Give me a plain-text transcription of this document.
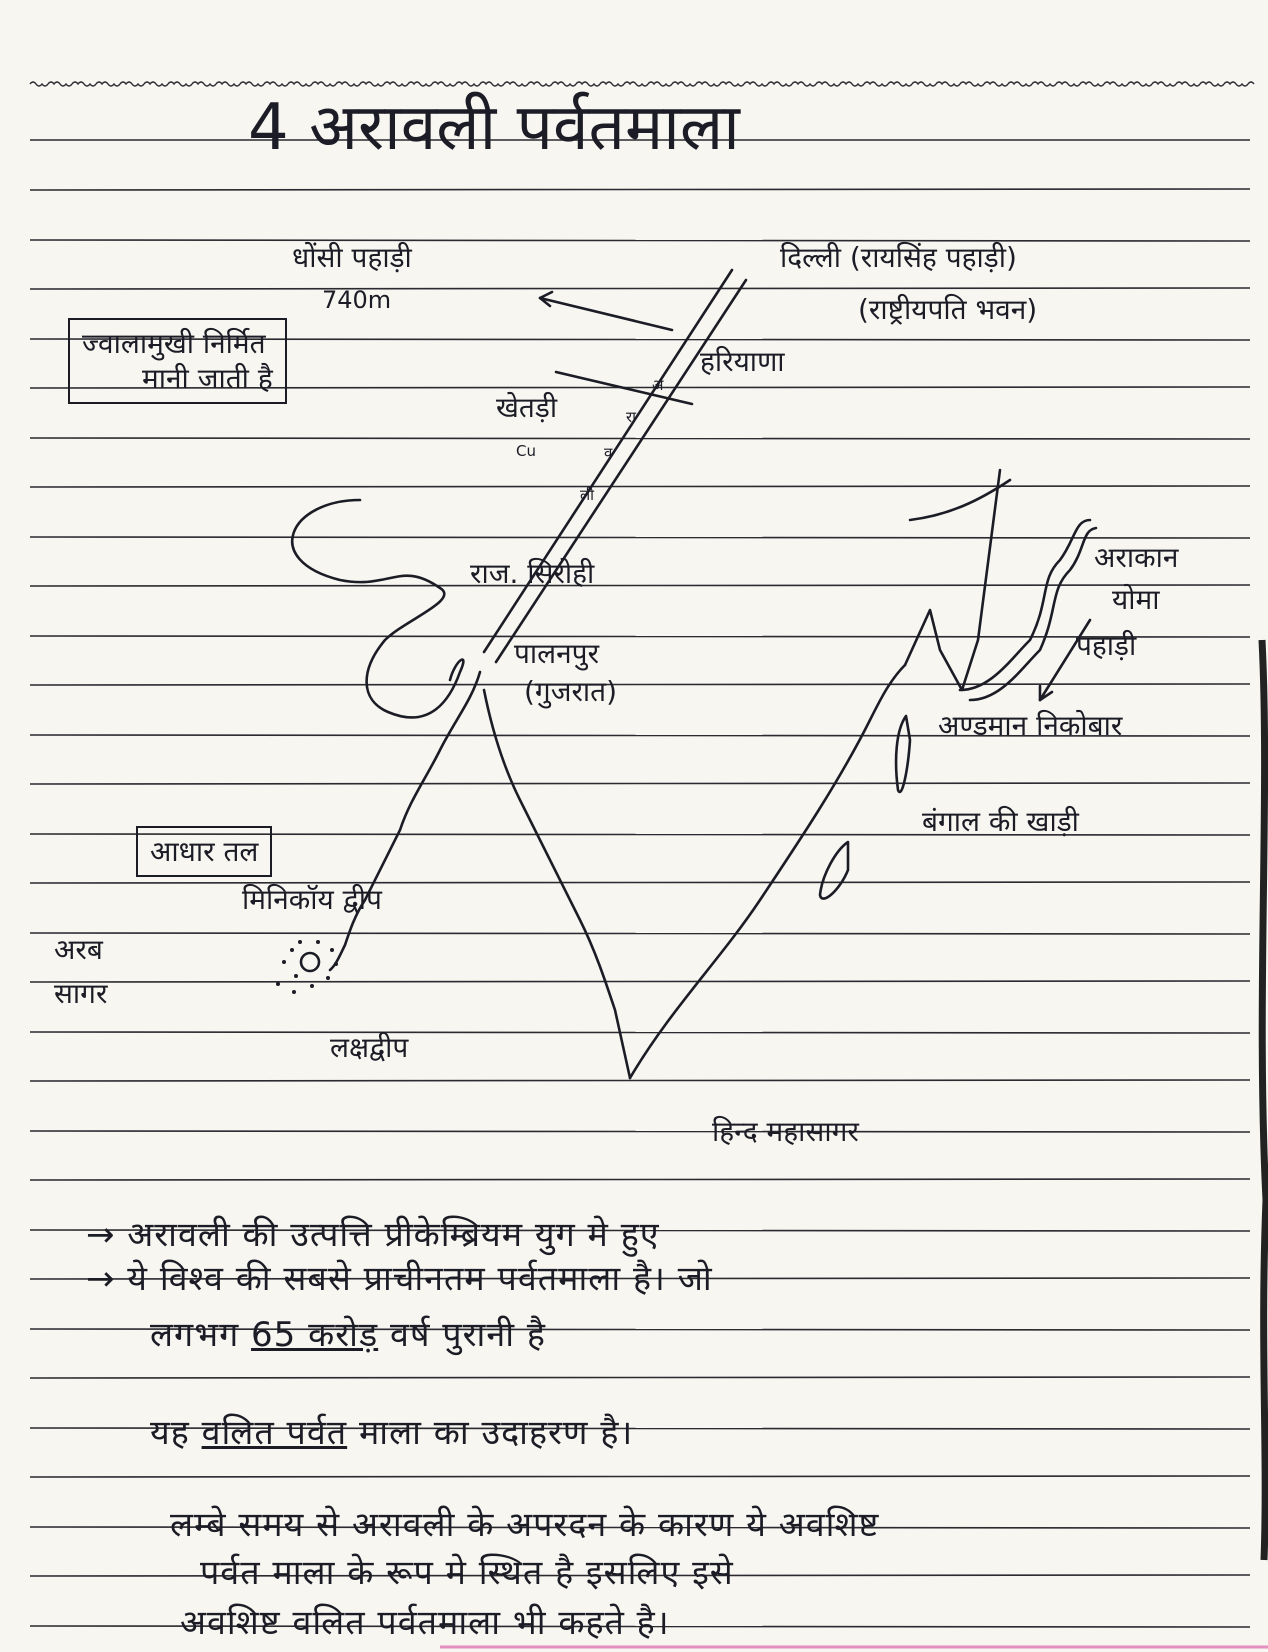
4 अरावली पर्वतमाला
धोंसी पहाड़ी
740m
दिल्ली (रायसिंह पहाड़ी)
(राष्ट्रीयपति भवन)
हरियाणा
खेतड़ी
Cu
ज्वालामुखी निर्मित
मानी जाती है	अ
रा
व
ली
राज. सिरोही
पालनपुर
(गुजरात)
अराकान
योमा
पहाड़ी
अण्डमान निकोबार
बंगाल की खाड़ी
आधार तल
मिनिकॉय द्वीप
अरब
सागर
लक्षद्वीप
हिन्द महासागर
→ अरावली की उत्पत्ति प्रीकेम्ब्रियम युग मे हुए
→ ये विश्व की सबसे प्राचीनतम पर्वतमाला है। जो
लगभग 65 करोड़ वर्ष पुरानी है
यह वलित पर्वत माला का उदाहरण है।
लम्बे समय से अरावली के अपरदन के कारण ये अवशिष्ट
पर्वत माला के रूप मे स्थित है इसलिए इसे
अवशिष्ट वलित पर्वतमाला भी कहते है।
